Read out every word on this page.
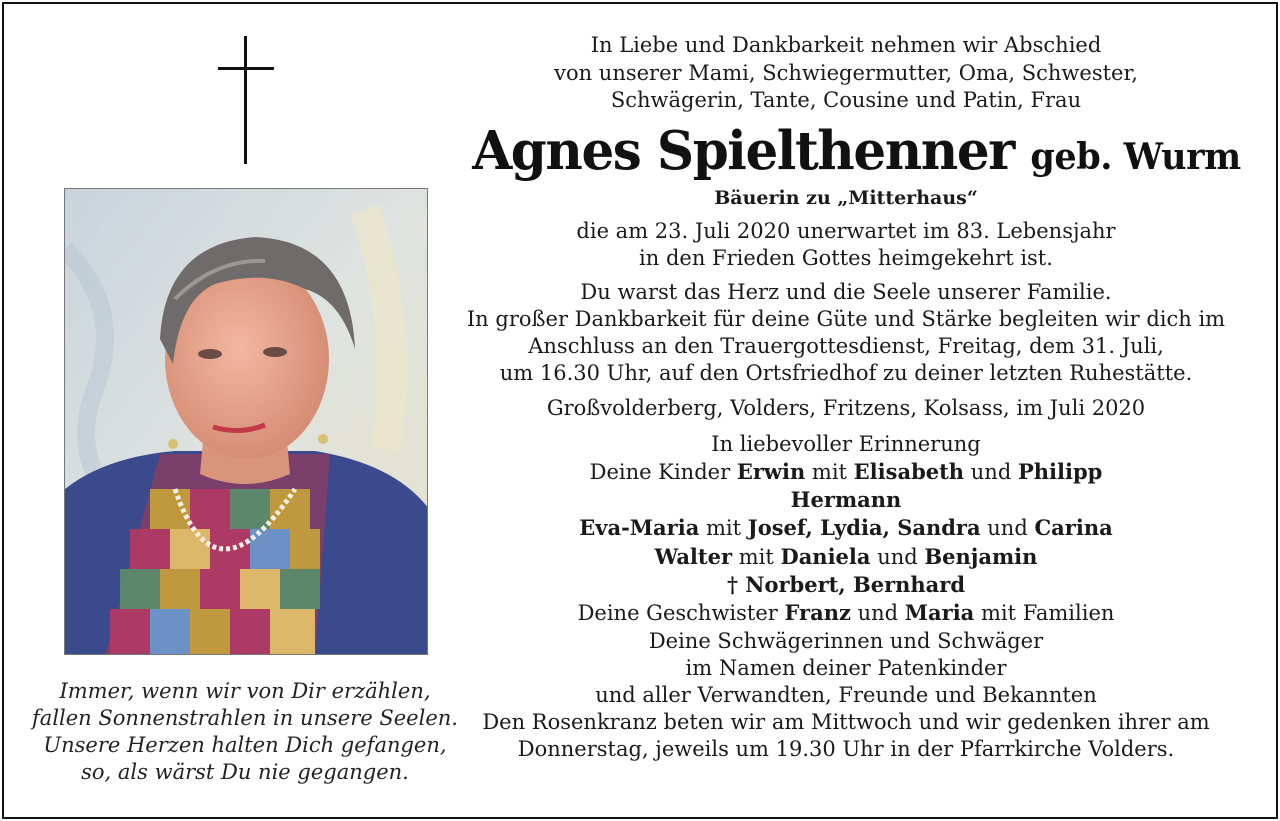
Immer, wenn wir von Dir erzählen,
fallen Sonnenstrahlen in unsere Seelen.
Unsere Herzen halten Dich gefangen,
so, als wärst Du nie gegangen.
In Liebe und Dankbarkeit nehmen wir Abschied
von unserer Mami, Schwiegermutter, Oma, Schwester,
Schwägerin, Tante, Cousine und Patin, Frau
Agnes Spielthenner geb. Wurm
Bäuerin zu „Mitterhaus“
die am 23. Juli 2020 unerwartet im 83. Lebensjahr
in den Frieden Gottes heimgekehrt ist.
Du warst das Herz und die Seele unserer Familie.
In großer Dankbarkeit für deine Güte und Stärke begleiten wir dich im
Anschluss an den Trauergottesdienst, Freitag, dem 31. Juli,
um 16.30 Uhr, auf den Ortsfriedhof zu deiner letzten Ruhestätte.
Großvolderberg, Volders, Fritzens, Kolsass, im Juli 2020
In liebevoller Erinnerung
Deine Kinder Erwin mit Elisabeth und Philipp
Hermann
Eva-Maria mit Josef, Lydia, Sandra und Carina
Walter mit Daniela und Benjamin
† Norbert, Bernhard
Deine Geschwister Franz und Maria mit Familien
Deine Schwägerinnen und Schwäger
im Namen deiner Patenkinder
und aller Verwandten, Freunde und Bekannten
Den Rosenkranz beten wir am Mittwoch und wir gedenken ihrer am
Donnerstag, jeweils um 19.30 Uhr in der Pfarrkirche Volders.
